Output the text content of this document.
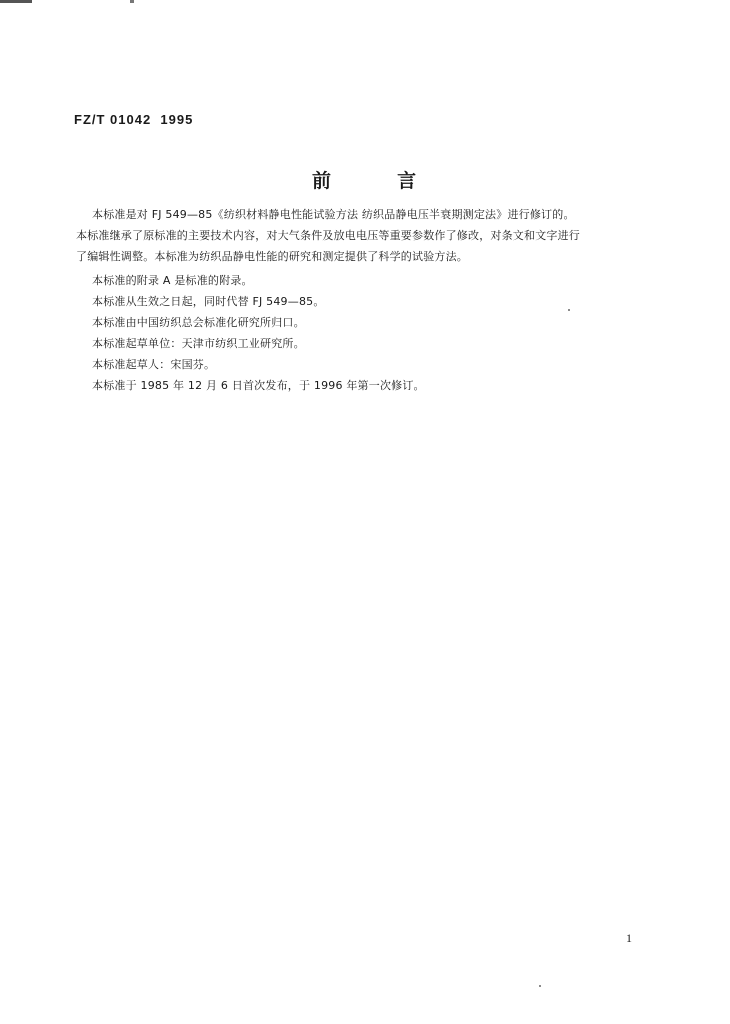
FZ/T 01042  1995
前          言
本标准是对 FJ 549—85《纺织材料静电性能试验方法 纺织品静电压半衰期测定法》进行修订的。
本标准继承了原标准的主要技术内容，对大气条件及放电电压等重要参数作了修改，对条文和文字进行
了编辑性调整。本标准为纺织品静电性能的研究和测定提供了科学的试验方法。
本标准的附录 A 是标准的附录。
本标准从生效之日起，同时代替 FJ 549—85。
本标准由中国纺织总会标准化研究所归口。
本标准起草单位：天津市纺织工业研究所。
本标准起草人：宋国芬。
本标准于 1985 年 12 月 6 日首次发布，于 1996 年第一次修订。
1
